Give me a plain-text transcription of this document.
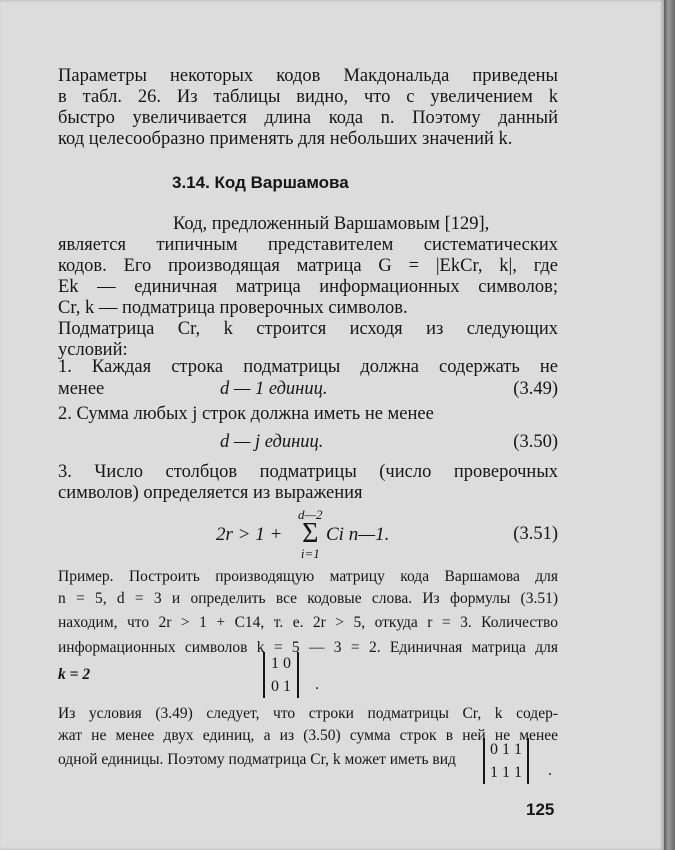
Параметры некоторых кодов Макдональда приведены

в табл. 26. Из таблицы видно, что с увеличением k

быстро увеличивается длина кода n. Поэтому данный

код целесообразно применять для небольших значений k.

3.14. Код Варшамова

Код, предложенный Варшамовым [129],

является типичным представителем систематических

кодов. Его производящая матрица G = |EkCr, k|, где

Ek — единичная матрица информационных символов;

Cr, k — подматрица проверочных символов.

Подматрица Cr, k строится исходя из следующих

условий:

1. Каждая строка подматрицы должна содержать не

менее	d — 1 единиц.	(3.49)

2. Сумма любых j строк должна иметь не менее

d — j единиц.	(3.50)

3. Число столбцов подматрицы (число проверочных

символов) определяется из выражения

2r > 1 +
d—2
Σ
i=1
Ci n—1.	(3.51)

Пример. Построить производящую матрицу кода Варшамова для

n = 5, d = 3 и определить все кодовые слова. Из формулы (3.51)

находим, что 2r > 1 + C14, т. е. 2r > 5, откуда r = 3. Количество

информационных символов k = 5 — 3 = 2. Единичная матрица для

k = 2
1 0
0 1 .

Из условия (3.49) следует, что строки подматрицы Cr, k содер-

жат не менее двух единиц, а из (3.50) сумма строк в ней не менее

одной единицы. Поэтому подматрица Cr, k может иметь вид

0 1 1
1 1 1 .
125
